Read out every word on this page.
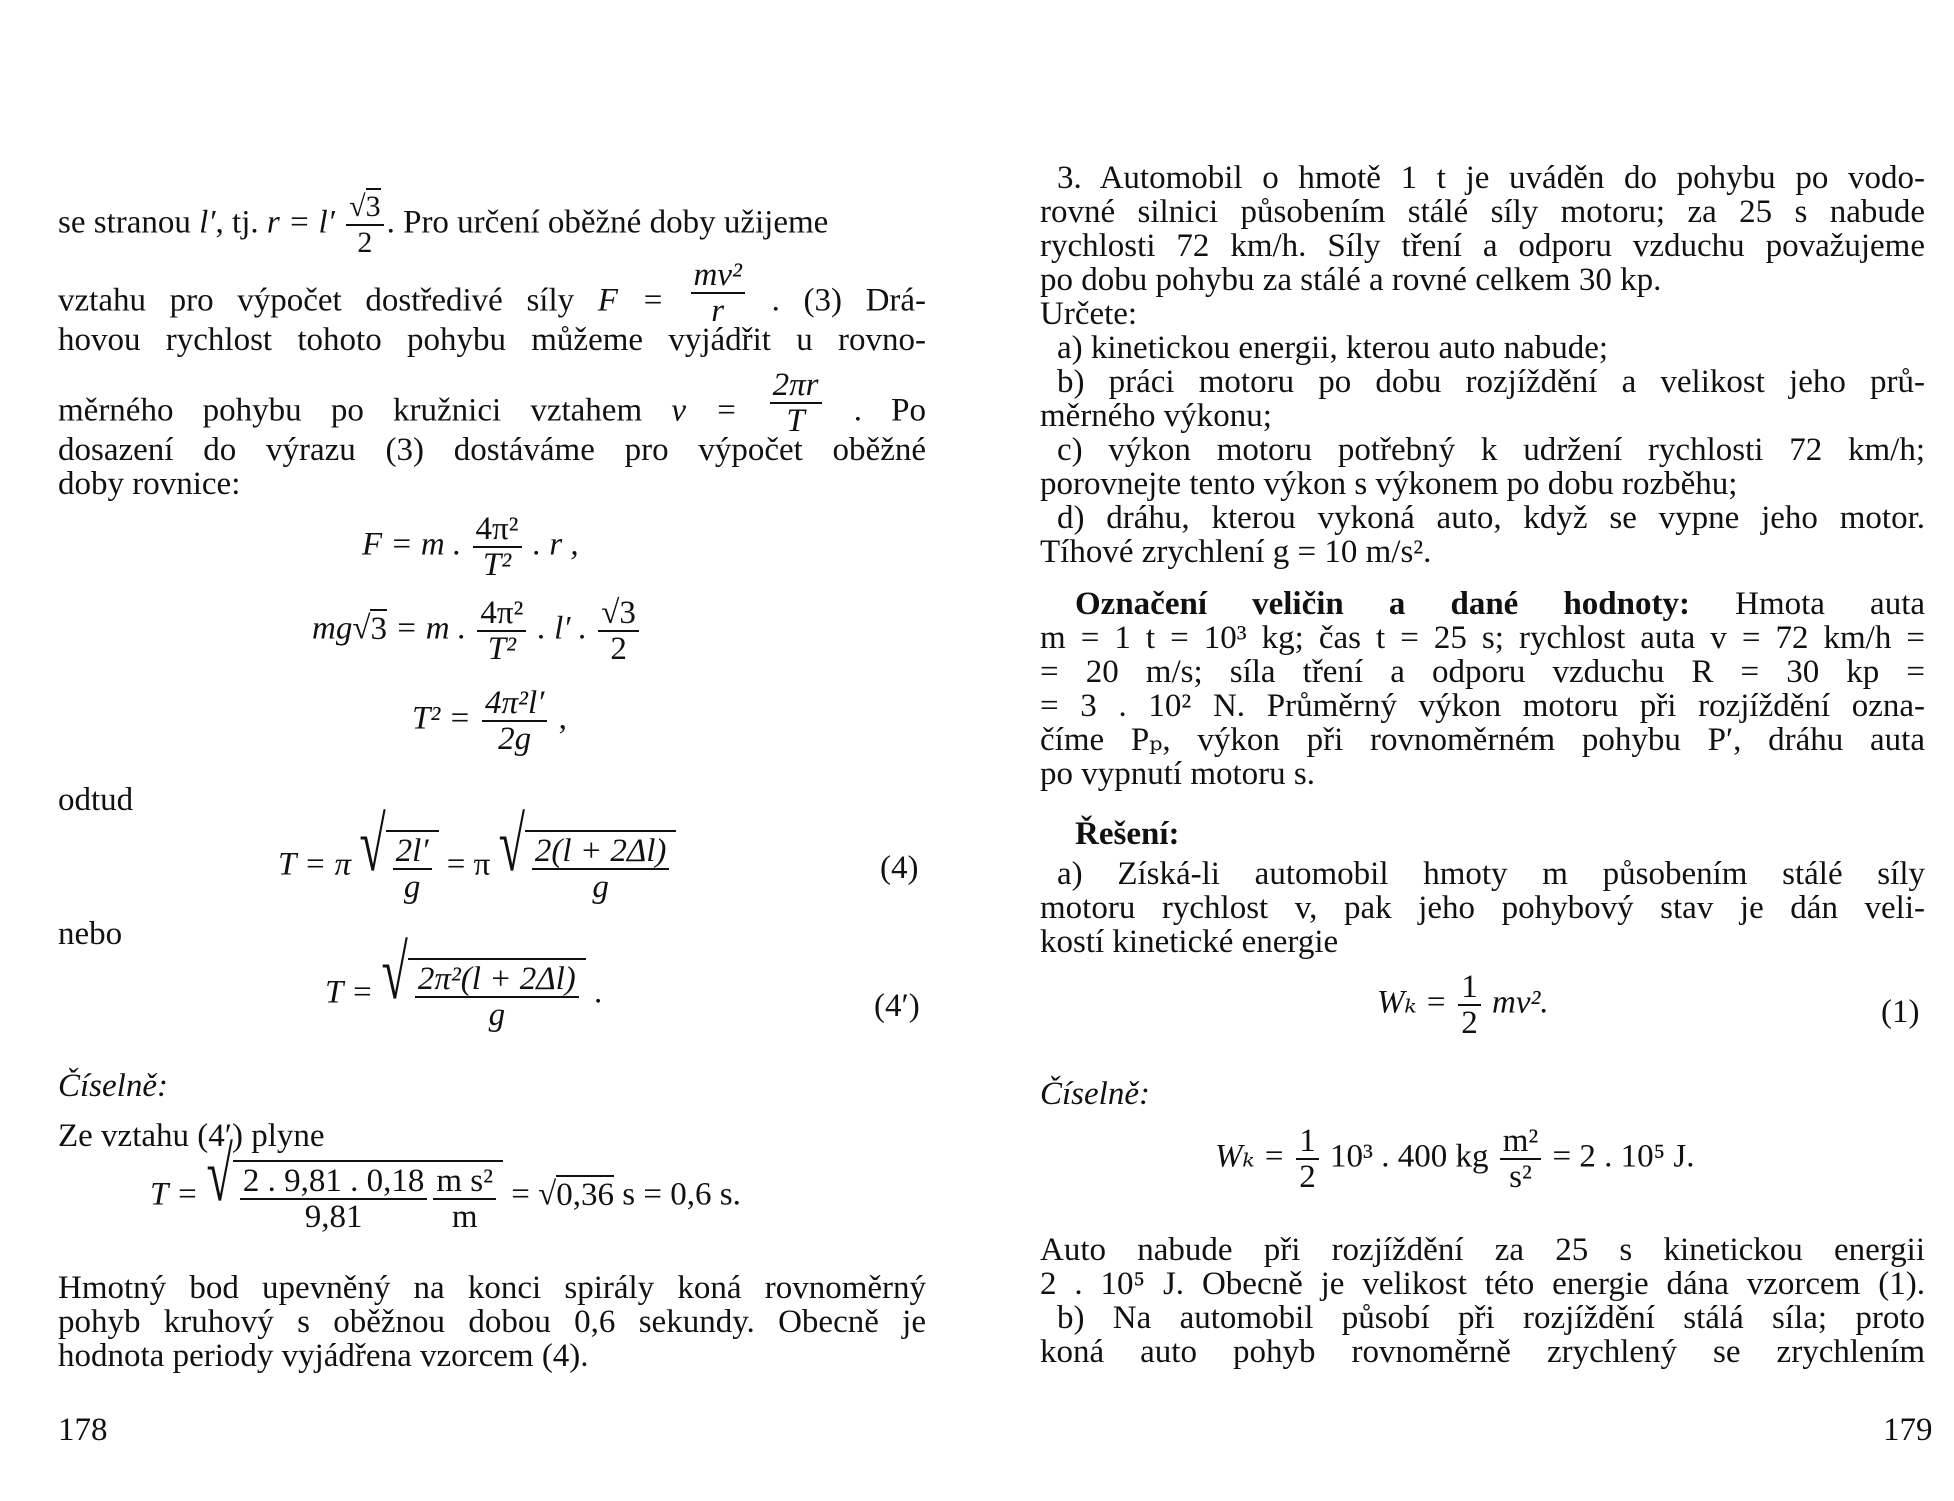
se stranou l′, tj. $r = l' \frac{√3}{2}$ . Pro určení oběžné doby užijeme
vztahu pro výpočet dostředivé síly $F = \frac{\text{mv²}}{r}$ . (3) Drá-
hovou rychlost tohoto pohybu můžeme vyjádřit u rovno-
měrného pohybu po kružnici vztahem $v = \frac{2\pi r}{T}$ . Po
dosazení do výrazu (3) dostáváme pro výpočet oběžné
doby rovnice:
F = m . $\frac{\text{4π²}}{\text{T²}}$ . r ,
mg√3 = m . $\frac{\text{4π²}}{\text{T²}}$ . l′ . $\frac{√3}{2}$
$T^2 = \frac{\text{4π²l′}}{2g}$ ,
odtud
T = π √ $\frac{2l'}{g} = \pi$ √ $\frac{2(l + 2\Delta l)}{g}$	(4)
nebo
T = √ $\frac{\text{2π²(l + 2Δl)}}{g}$ .	(4′)
Číselně:
Ze vztahu (4′) plyne
T = √ $\frac{2 . 9,81 . 0,18}{9,81} \frac{\text{m s²}}{m} = √0,36$ s = 0,6 s.
Hmotný bod upevněný na konci spirály koná rovnoměrný
pohyb kruhový s oběžnou dobou 0,6 sekundy. Obecně je
hodnota periody vyjádřena vzorcem (4).
178
3. Automobil o hmotě 1 t je uváděn do pohybu po vodo-
rovné silnici působením stálé síly motoru; za 25 s nabude
rychlosti 72 km/h. Síly tření a odporu vzduchu považujeme
po dobu pohybu za stálé a rovné celkem 30 kp.
Určete:
a) kinetickou energii, kterou auto nabude;
b) práci motoru po dobu rozjíždění a velikost jeho prů-
měrného výkonu;
c) výkon motoru potřebný k udržení rychlosti 72 km/h;
porovnejte tento výkon s výkonem po dobu rozběhu;
d) dráhu, kterou vykoná auto, když se vypne jeho motor.
Tíhové zrychlení g = 10 m/s².
Označení veličin a dané hodnoty: Hmota auta
m = 1 t = 10³ kg; čas t = 25 s; rychlost auta v = 72 km/h =
= 20 m/s; síla tření a odporu vzduchu R = 30 kp =
= 3 . 10² N. Průměrný výkon motoru při rozjíždění ozna-
číme Pₚ, výkon při rovnoměrném pohybu P′, dráhu auta
po vypnutí motoru s.
Řešení:
a) Získá-li automobil hmoty m působením stálé síly
motoru rychlost v, pak jeho pohybový stav je dán veli-
kostí kinetické energie
$W_k = \frac{1}{2} mv^2$.	(1)
Číselně:
$W_k = \frac{1}{2} 10^3$ . 400 kg $\frac{\text{m²}}{\text{s²}} = 2$ . 10⁵ J.
Auto nabude při rozjíždění za 25 s kinetickou energii
2 . 10⁵ J. Obecně je velikost této energie dána vzorcem (1).
b) Na automobil působí při rozjíždění stálá síla; proto
koná auto pohyb rovnoměrně zrychlený se zrychlením
179
